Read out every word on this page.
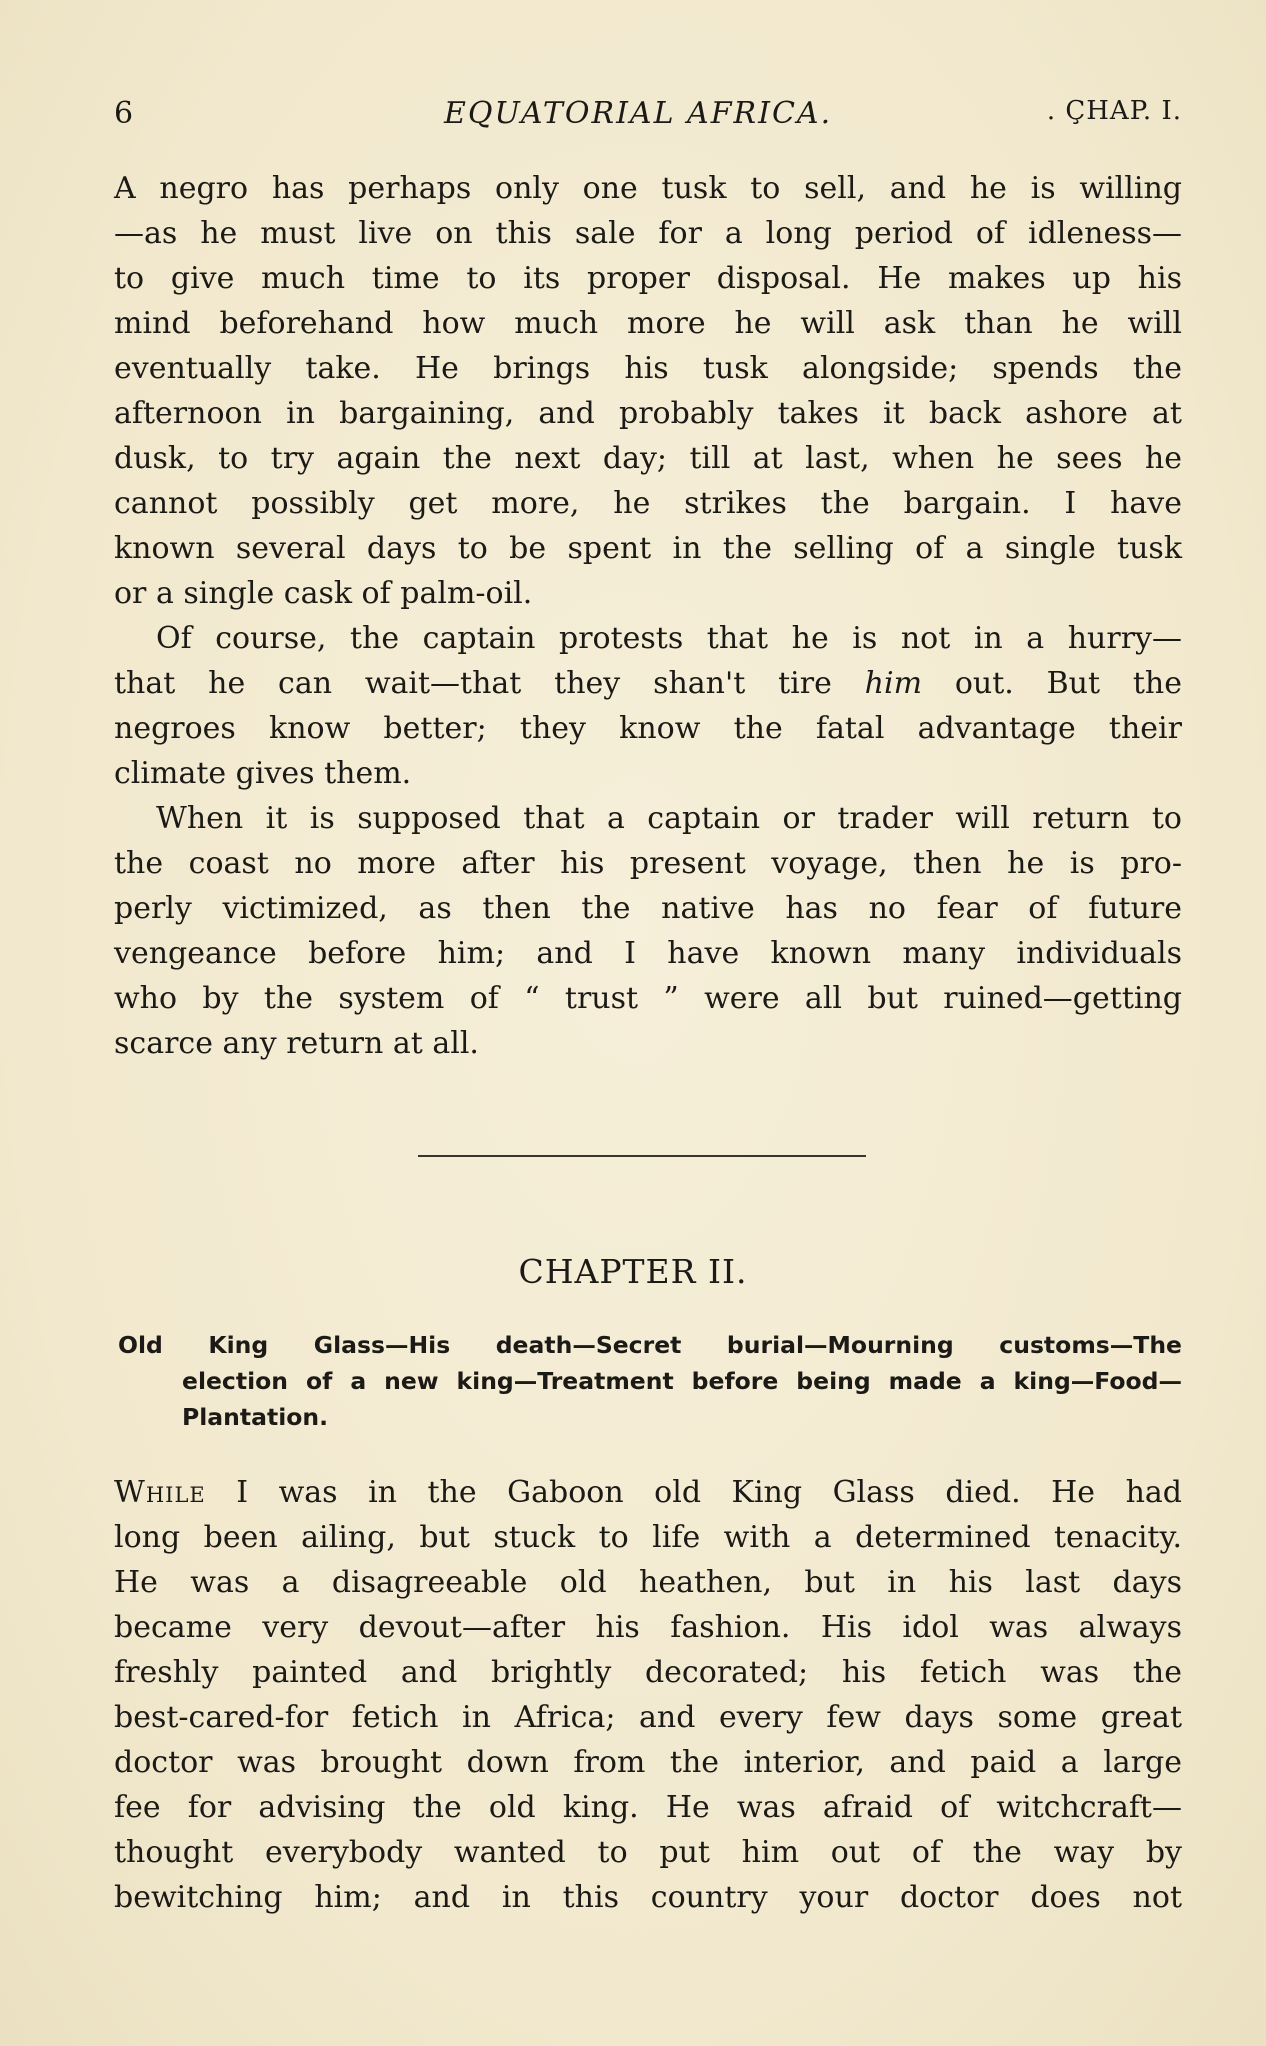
6	EQUATORIAL AFRICA.	. ÇHAP. I.
A negro has perhaps only one tusk to sell, and he is willing
—as he must live on this sale for a long period of idleness—
to give much time to its proper disposal. He makes up his
mind beforehand how much more he will ask than he will
eventually take. He brings his tusk alongside; spends the
afternoon in bargaining, and probably takes it back ashore at
dusk, to try again the next day; till at last, when he sees he
cannot possibly get more, he strikes the bargain. I have
known several days to be spent in the selling of a single tusk
or a single cask of palm-oil.
Of course, the captain protests that he is not in a hurry—
that he can wait—that they shan't tire him out. But the
negroes know better; they know the fatal advantage their
climate gives them.
When it is supposed that a captain or trader will return to
the coast no more after his present voyage, then he is pro-
perly victimized, as then the native has no fear of future
vengeance before him; and I have known many individuals
who by the system of “ trust ” were all but ruined—getting
scarce any return at all.
CHAPTER II.
Old King Glass—His death—Secret burial—Mourning customs—The
election of a new king—Treatment before being made a king—Food—
Plantation.
While I was in the Gaboon old King Glass died. He had
long been ailing, but stuck to life with a determined tenacity.
He was a disagreeable old heathen, but in his last days
became very devout—after his fashion. His idol was always
freshly painted and brightly decorated; his fetich was the
best-cared-for fetich in Africa; and every few days some great
doctor was brought down from the interior, and paid a large
fee for advising the old king. He was afraid of witchcraft—
thought everybody wanted to put him out of the way by
bewitching him; and in this country your doctor does not
